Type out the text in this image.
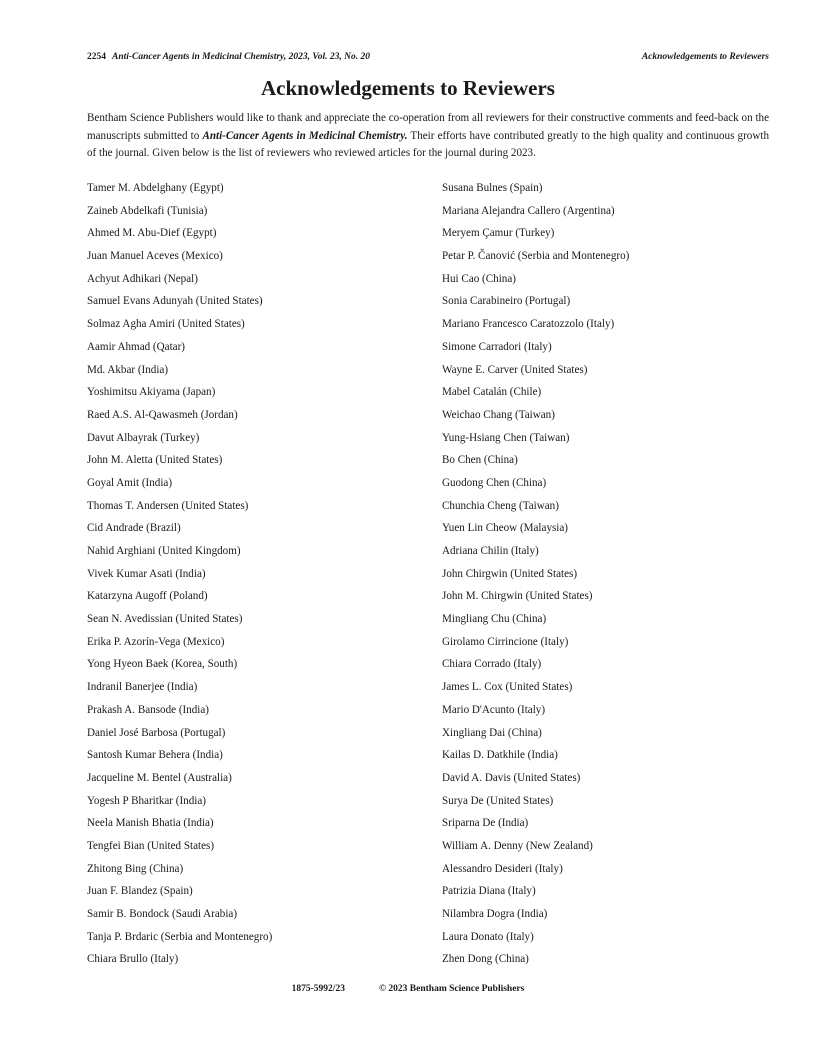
2254 Anti-Cancer Agents in Medicinal Chemistry, 2023, Vol. 23, No. 20	Acknowledgements to Reviewers
Acknowledgements to Reviewers

Bentham Science Publishers would like to thank and appreciate the co-operation from all reviewers for their constructive comments and feed-back on the manuscripts submitted to Anti-Cancer Agents in Medicinal Chemistry. Their efforts have contributed greatly to the high quality and continuous growth of the journal. Given below is the list of reviewers who reviewed articles for the journal during 2023.

Tamer M. Abdelghany (Egypt)
Zaineb Abdelkafi (Tunisia)
Ahmed M. Abu-Dief (Egypt)
Juan Manuel Aceves (Mexico)
Achyut Adhikari (Nepal)
Samuel Evans Adunyah (United States)
Solmaz Agha Amiri (United States)
Aamir Ahmad (Qatar)
Md. Akbar (India)
Yoshimitsu Akiyama (Japan)
Raed A.S. Al-Qawasmeh (Jordan)
Davut Albayrak (Turkey)
John M. Aletta (United States)
Goyal Amit (India)
Thomas T. Andersen (United States)
Cid Andrade (Brazil)
Nahid Arghiani (United Kingdom)
Vivek Kumar Asati (India)
Katarzyna Augoff (Poland)
Sean N. Avedissian (United States)
Erika P. Azorín-Vega (Mexico)
Yong Hyeon Baek (Korea, South)
Indranil Banerjee (India)
Prakash A. Bansode (India)
Daniel José Barbosa (Portugal)
Santosh Kumar Behera (India)
Jacqueline M. Bentel (Australia)
Yogesh P Bharitkar (India)
Neela Manish Bhatia (India)
Tengfei Bian (United States)
Zhitong Bing (China)
Juan F. Blandez (Spain)
Samir B. Bondock (Saudi Arabia)
Tanja P. Brdaric (Serbia and Montenegro)
Chiara Brullo (Italy)
Susana Bulnes (Spain)
Mariana Alejandra Callero (Argentina)
Meryem Çamur (Turkey)
Petar P. Čanović (Serbia and Montenegro)
Hui Cao (China)
Sonia Carabineiro (Portugal)
Mariano Francesco Caratozzolo (Italy)
Simone Carradori (Italy)
Wayne E. Carver (United States)
Mabel Catalán (Chile)
Weichao Chang (Taiwan)
Yung-Hsiang Chen (Taiwan)
Bo Chen (China)
Guodong Chen (China)
Chunchia Cheng (Taiwan)
Yuen Lin Cheow (Malaysia)
Adriana Chilin (Italy)
John Chirgwin (United States)
John M. Chirgwin (United States)
Mingliang Chu (China)
Girolamo Cirrincione (Italy)
Chiara Corrado (Italy)
James L. Cox (United States)
Mario D'Acunto (Italy)
Xingliang Dai (China)
Kailas D. Datkhile (India)
David A. Davis (United States)
Surya De (United States)
Sriparna De (India)
William A. Denny (New Zealand)
Alessandro Desideri (Italy)
Patrizia Diana (Italy)
Nilambra Dogra (India)
Laura Donato (Italy)
Zhen Dong (China)
1875-5992/23	© 2023 Bentham Science Publishers
